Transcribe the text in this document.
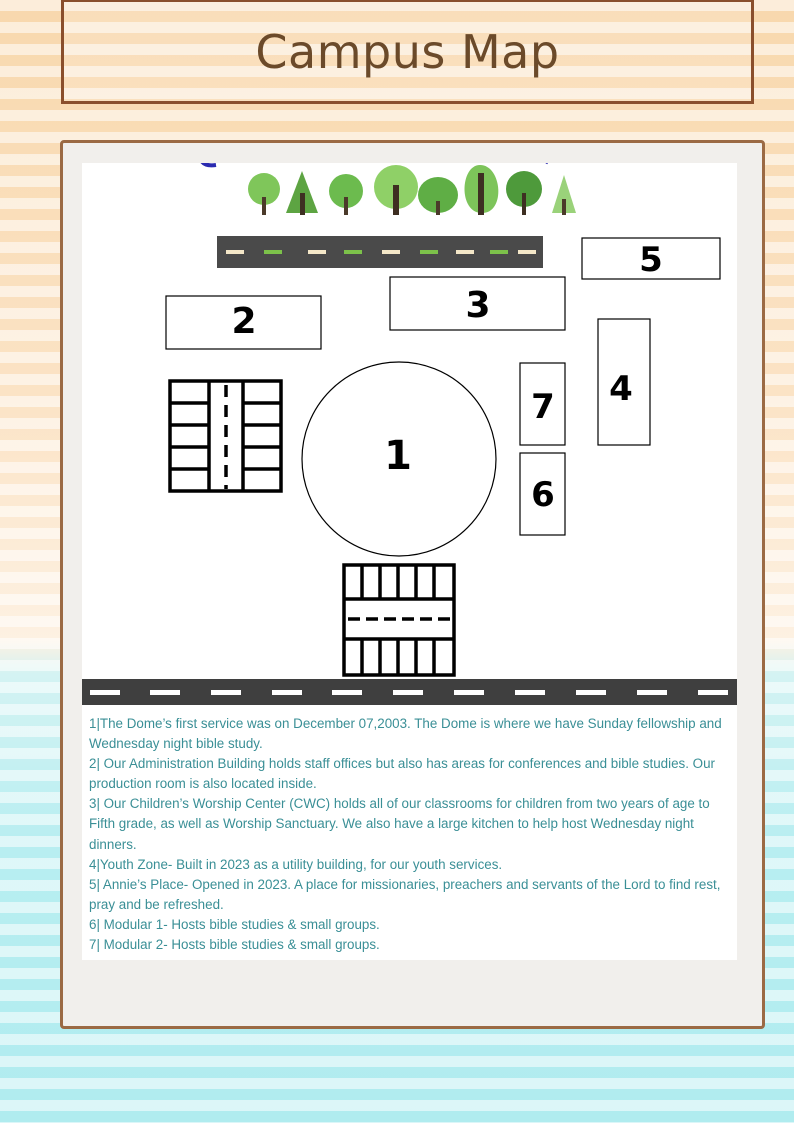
Campus Map
5
3
2
4
7
6
1
1|The Dome’s first service was on December 07,2003. The Dome is where we have Sunday fellowship and Wednesday night bible study.
2| Our Administration Building holds staff offices but also has areas for conferences and bible studies. Our production room is also located inside.
3| Our Children’s Worship Center (CWC) holds all of our classrooms for children from two years of age to Fifth grade, as well as Worship Sanctuary. We also have a large kitchen to help host Wednesday night dinners.
4|Youth Zone- Built in 2023 as a utility building, for our youth services.
5| Annie’s Place- Opened in 2023. A place for missionaries, preachers and servants of the Lord to find rest, pray and be refreshed.
6| Modular 1- Hosts bible studies & small groups.
7| Modular 2- Hosts bible studies & small groups.
